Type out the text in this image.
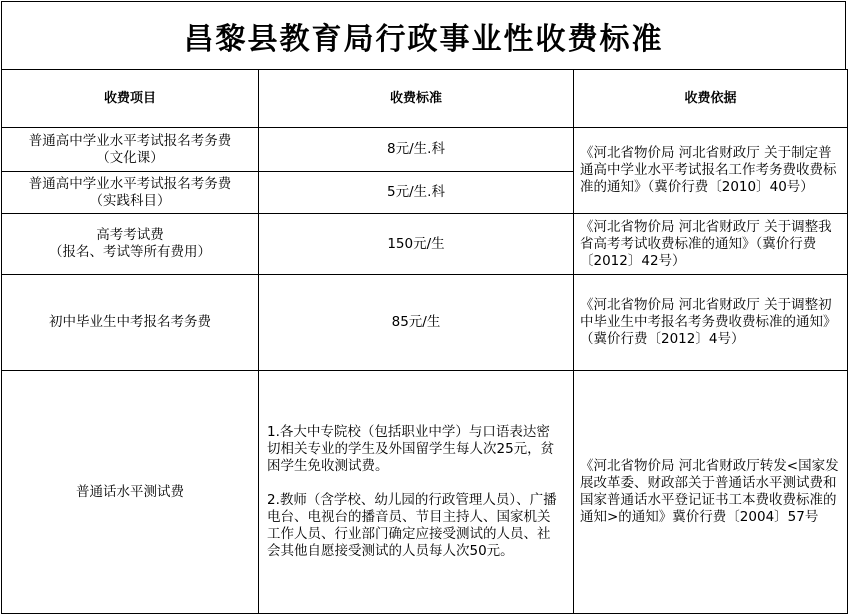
昌黎县教育局行政事业性收费标准
收费项目	收费标准	收费依据

普通高中学业水平考试报名考务费
（文化课）	8元/生.科	《河北省物价局 河北省财政厅 关于制定普通高中学业水平考试报名工作考务费收费标准的通知》（冀价行费〔2010〕40号）

普通高中学业水平考试报名考务费
（实践科目）	5元/生.科	

高考考试费
（报名、考试等所有费用）	150元/生	《河北省物价局 河北省财政厅 关于调整我省高考考试收费标准的通知》（冀价行费〔2012〕42号）
初中毕业生中考报名考务费	85元/生	《河北省物价局 河北省财政厅 关于调整初中毕业生中考报名考务费收费标准的通知》（冀价行费〔2012〕4号）
普通话水平测试费	1.各大中专院校（包括职业中学）与口语表达密切相关专业的学生及外国留学生每人次25元，贫困学生免收测试费。

2.教师（含学校、幼儿园的行政管理人员）、广播电台、电视台的播音员、节目主持人、国家机关工作人员、行业部门确定应接受测试的人员、社会其他自愿接受测试的人员每人次50元。	《河北省物价局 河北省财政厅转发<国家发展改革委、财政部关于普通话水平测试费和国家普通话水平登记证书工本费收费标准的通知>的通知》冀价行费〔2004〕57号
